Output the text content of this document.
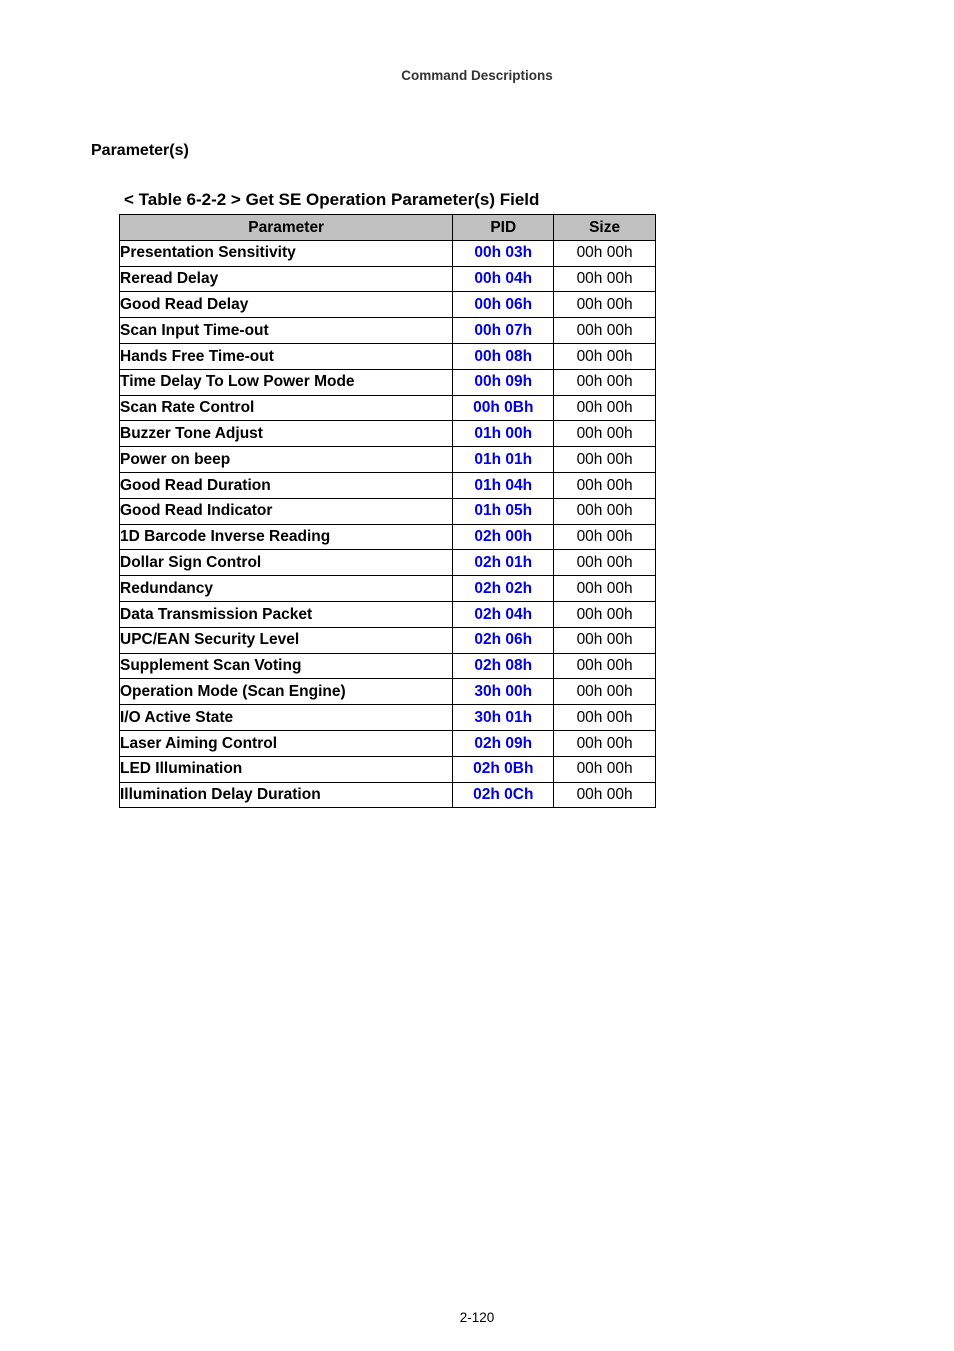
Command Descriptions
Parameter(s)
< Table 6-2-2 > Get SE Operation Parameter(s) Field
Parameter	PID	Size
Presentation Sensitivity	00h 03h	00h 00h
Reread Delay	00h 04h	00h 00h
Good Read Delay	00h 06h	00h 00h
Scan Input Time-out	00h 07h	00h 00h
Hands Free Time-out	00h 08h	00h 00h
Time Delay To Low Power Mode	00h 09h	00h 00h
Scan Rate Control	00h 0Bh	00h 00h
Buzzer Tone Adjust	01h 00h	00h 00h
Power on beep	01h 01h	00h 00h
Good Read Duration	01h 04h	00h 00h
Good Read Indicator	01h 05h	00h 00h
1D Barcode Inverse Reading	02h 00h	00h 00h
Dollar Sign Control	02h 01h	00h 00h
Redundancy	02h 02h	00h 00h
Data Transmission Packet	02h 04h	00h 00h
UPC/EAN Security Level	02h 06h	00h 00h
Supplement Scan Voting	02h 08h	00h 00h
Operation Mode (Scan Engine)	30h 00h	00h 00h
I/O Active State	30h 01h	00h 00h
Laser Aiming Control	02h 09h	00h 00h
LED Illumination	02h 0Bh	00h 00h
Illumination Delay Duration	02h 0Ch	00h 00h
2-120
